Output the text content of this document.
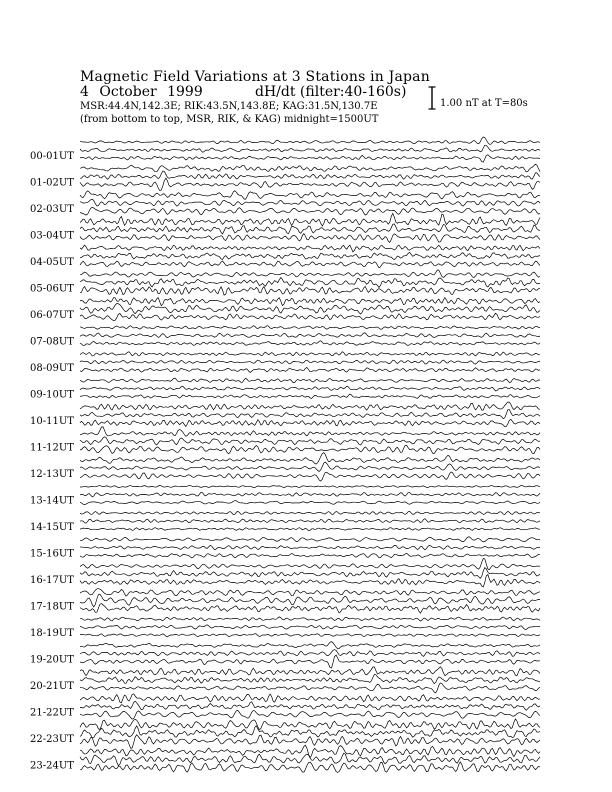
Magnetic Field Variations at 3 Stations in Japan
4 October 1999	dH/dt (filter:40-160s)
MSR:44.4N,142.3E; RIK:43.5N,143.8E; KAG:31.5N,130.7E
(from bottom to top, MSR, RIK, & KAG) midnight=1500UT
1.00 nT at T=80s
00-01UT
01-02UT
02-03UT
03-04UT
04-05UT
05-06UT
06-07UT
07-08UT
08-09UT
09-10UT
10-11UT
11-12UT
12-13UT
13-14UT
14-15UT
15-16UT
16-17UT
17-18UT
18-19UT
19-20UT
20-21UT
21-22UT
22-23UT
23-24UT
